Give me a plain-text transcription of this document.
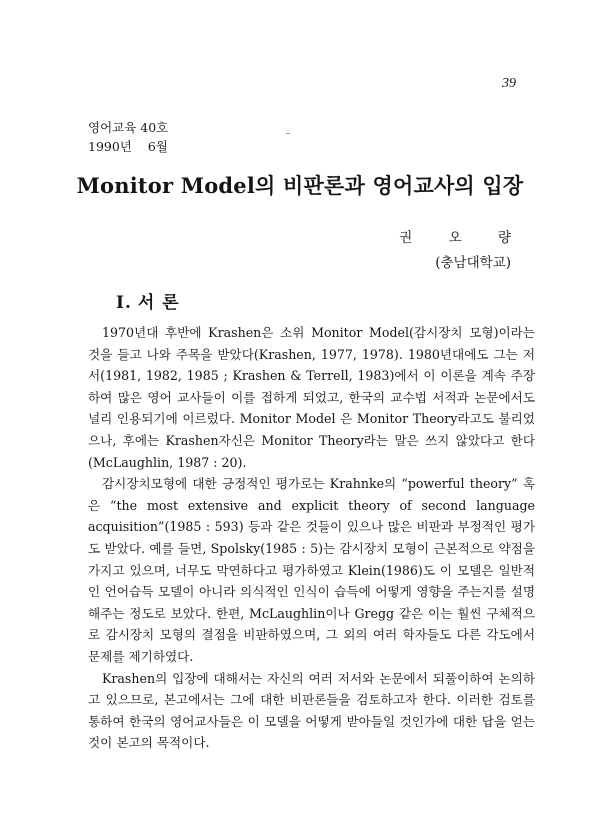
39
영어교육 40호
1990년 6월
Monitor Model의 비판론과 영어교사의 입장
권 오 량
(충남대학교)
I. 서 론

1970년대 후반에 Krashen은 소위 Monitor Model(감시장치 모형)이라는 것을 들고 나와 주목을 받았다(Krashen, 1977, 1978). 1980년대에도 그는 저서(1981, 1982, 1985 ; Krashen & Terrell, 1983)에서 이 이론을 계속 주장하여 많은 영어 교사들이 이를 접하게 되었고, 한국의 교수법 서적과 논문에서도 널리 인용되기에 이르렀다. Monitor Model 은 Monitor Theory라고도 불리었으나, 후에는 Krashen자신은 Monitor Theory라는 말은 쓰지 않았다고 한다(McLaughlin, 1987 : 20).

감시장치모형에 대한 긍정적인 평가로는 Krahnke의 “powerful theory” 혹은 “the most extensive and explicit theory of second language acquisition”(1985 : 593) 등과 같은 것들이 있으나 많은 비판과 부정적인 평가도 받았다. 예를 들면, Spolsky(1985 : 5)는 감시장치 모형이 근본적으로 약점을 가지고 있으며, 너무도 막연하다고 평가하였고 Klein(1986)도 이 모델은 일반적인 언어습득 모델이 아니라 의식적인 인식이 습득에 어떻게 영향을 주는지를 설명해주는 정도로 보았다. 한편, McLaughlin이나 Gregg 같은 이는 훨씬 구체적으로 감시장치 모형의 결점을 비판하였으며, 그 외의 여러 학자들도 다른 각도에서 문제를 제기하였다.

Krashen의 입장에 대해서는 자신의 여러 저서와 논문에서 되풀이하여 논의하고 있으므로, 본고에서는 그에 대한 비판론들을 검토하고자 한다. 이러한 검토를 통하여 한국의 영어교사들은 이 모델을 어떻게 받아들일 것인가에 대한 답을 얻는 것이 본고의 목적이다.
